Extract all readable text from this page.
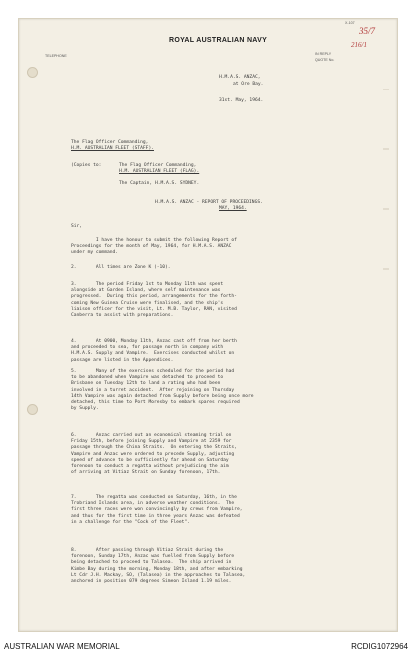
X-107
35/7
216/1
ROYAL AUSTRALIAN NAVY
TELEPHONE	IN REPLY
QUOTE No.
H.M.A.S. ANZAC,
at Ore Bay.
31st. May, 1964.
The Flag Officer Commanding,
H.M. AUSTRALIAN FLEET (STAFF).
(Copies to:	The Flag Officer Commanding,
H.M. AUSTRALIAN FLEET (FLAG).
The Captain, H.M.A.S. SYDNEY.
H.M.A.S. ANZAC - REPORT OF PROCEEDINGS.
MAY, 1964.
Sir,
I have the honour to submit the following Report of
Proceedings for the month of May, 1964, for H.M.A.S. ANZAC
under my command.
2.       All times are Zone K (-10).
3.       The period Friday 1st to Monday 11th was spent
alongside at Garden Island, where self maintenance was
progressed.  During this period, arrangements for the forth-
coming New Guinea Cruise were finalised, and the ship's
liaison officer for the visit, Lt. M.B. Taylor, RAN, visited
Canberra to assist with preparations.
4.       At 0900, Monday 11th, Anzac cast off from her berth
and proceeded to sea, for passage north in company with
H.M.A.S. Supply and Vampire.  Exercises conducted whilst on
passage are listed in the Appendices.
5.       Many of the exercises scheduled for the period had
to be abandoned when Vampire was detached to proceed to
Brisbane on Tuesday 12th to land a rating who had been
involved in a turret accident.  After rejoining on Thursday
14th Vampire was again detached from Supply before being once more
detached, this time to Port Moresby to embark spares required
by Supply.
6.       Anzac carried out an economical steaming trial on
Friday 15th, before joining Supply and Vampire at 2359 for
passage through the China Straits.  On entering the Straits,
Vampire and Anzac were ordered to precede Supply, adjusting
speed of advance to be sufficiently far ahead on Saturday
forenoon to conduct a regatta without prejudicing the aim
of arriving at Vitiaz Strait on Sunday forenoon, 17th.
7.       The regatta was conducted on Saturday, 16th, in the
Trobriand Islands area, in adverse weather conditions.  The
first three races were won convincingly by crews from Vampire,
and thus for the first time in three years Anzac was defeated
in a challenge for the "Cock of the Fleet".
8.       After passing through Vitiaz Strait during the
forenoon, Sunday 17th, Anzac was fuelled from Supply before
being detached to proceed to Talasea.  The ship arrived in
Kimbe Bay during the morning, Monday 18th, and after embarking
Lt Cdr J.H. Mackay, SO, (Talasea) in the approaches to Talasea,
anchored in position 079 degrees Simeon Island 1.19 miles.
AUSTRALIAN WAR MEMORIAL	RCDIG1072964
